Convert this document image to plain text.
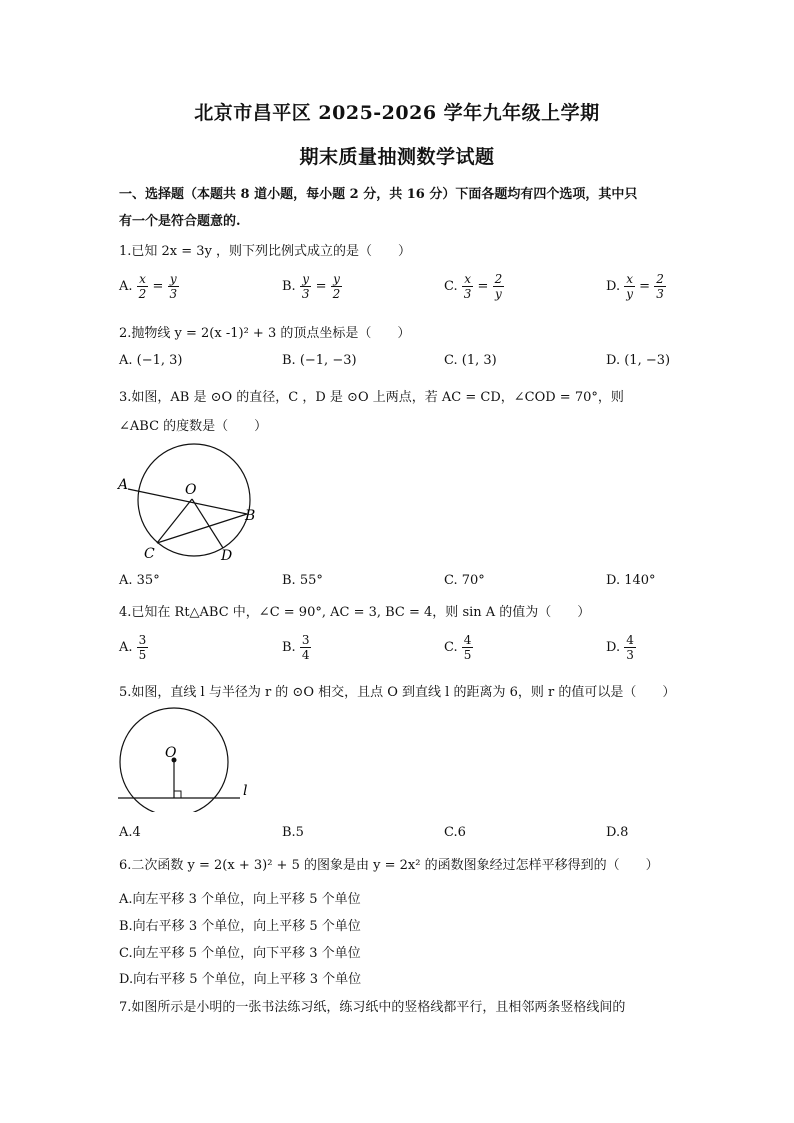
北京市昌平区 2025-2026 学年九年级上学期
期末质量抽测数学试题
一、选择题（本题共 8 道小题，每小题 2 分，共 16 分）下面各题均有四个选项，其中只
有一个是符合题意的.
1.已知 2x = 3y ，则下列比例式成立的是（　　）
A. $\frac{x}{2} = \frac{y}{3}$	B. $\frac{y}{3} = \frac{y}{2}$	C. $\frac{x}{3} = \frac{2}{y}$	D. $\frac{x}{y} = \frac{2}{3}$
2.抛物线 y = 2(x -1)² + 3 的顶点坐标是（　　）
A. (−1, 3)	B. (−1, −3)	C. (1, 3)	D. (1, −3)
3.如图，AB 是 ⊙O 的直径，C ，D 是 ⊙O 上两点，若 AC = CD，∠COD = 70°，则
∠ABC 的度数是（　　）
A	O
B
C	D
A. 35°	B. 55°	C. 70°	D. 140°
4.已知在 Rt△ABC 中，∠C = 90°, AC = 3, BC = 4，则 sin A 的值为（　　）
A. $\frac{3}{5}$	B. $\frac{3}{4}$	C. $\frac{4}{5}$	D. $\frac{4}{3}$
5.如图，直线 l 与半径为 r 的 ⊙O 相交，且点 O 到直线 l 的距离为 6，则 r 的值可以是（　　）
O
l
A.4	B.5	C.6	D.8
6.二次函数 y = 2(x + 3)² + 5 的图象是由 y = 2x² 的函数图象经过怎样平移得到的（　　）
A.向左平移 3 个单位，向上平移 5 个单位
B.向右平移 3 个单位，向上平移 5 个单位
C.向左平移 5 个单位，向下平移 3 个单位
D.向右平移 5 个单位，向上平移 3 个单位
7.如图所示是小明的一张书法练习纸，练习纸中的竖格线都平行，且相邻两条竖格线间的
